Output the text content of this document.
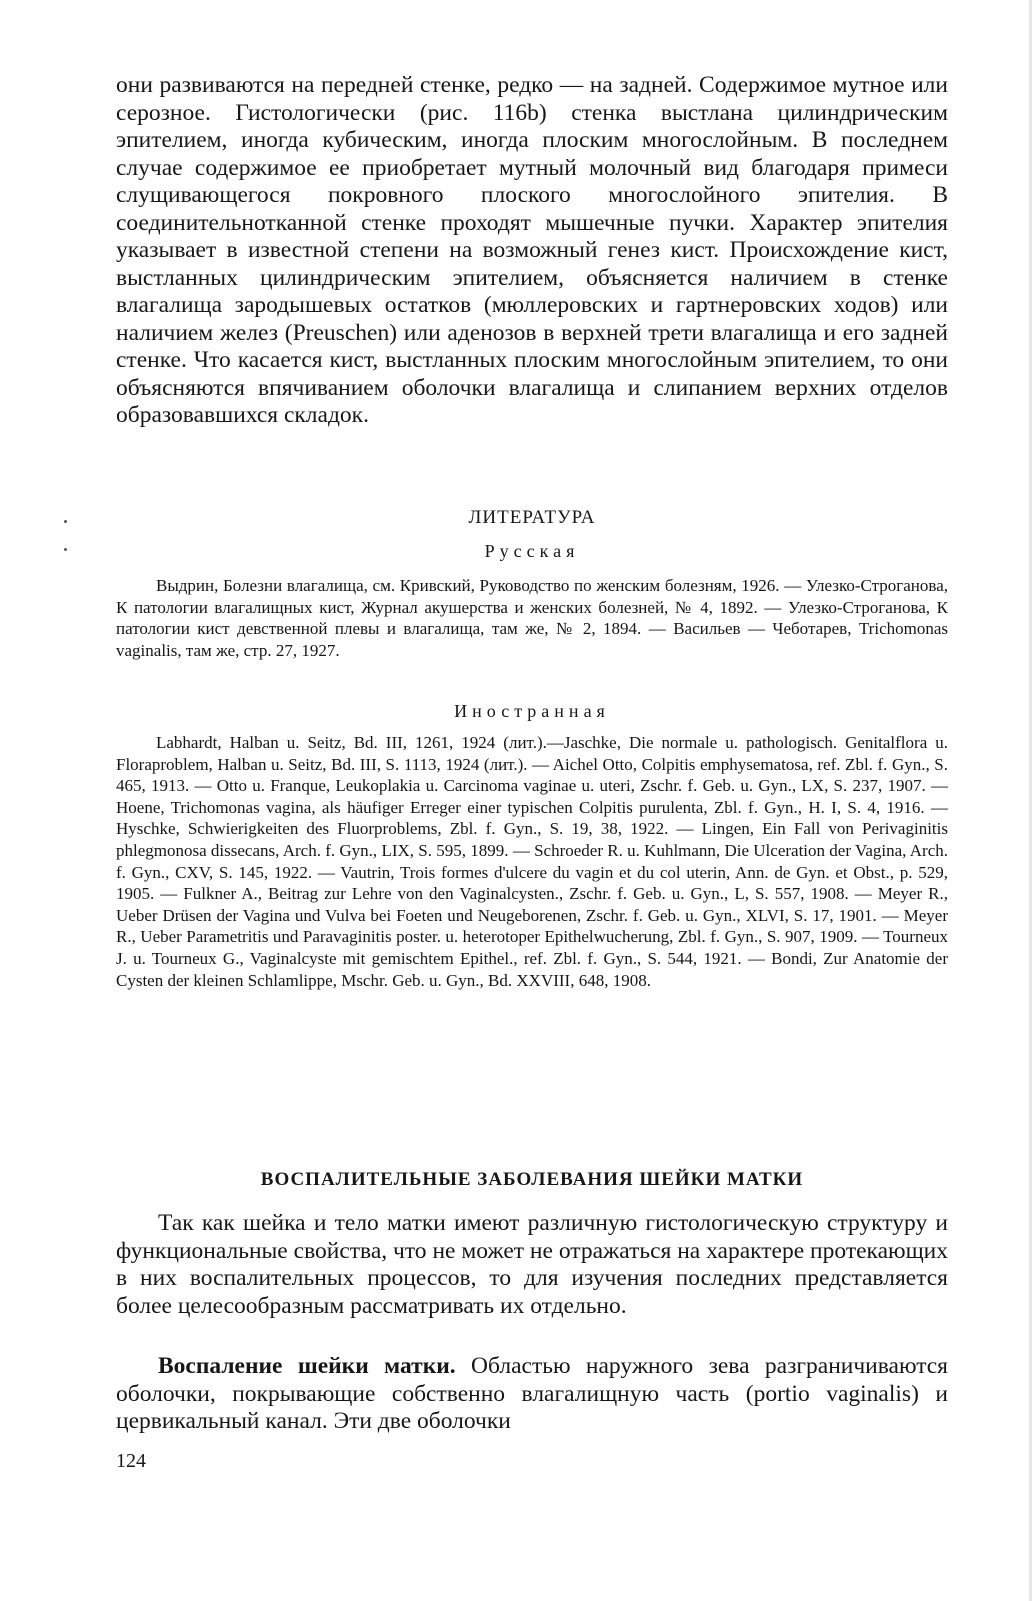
они развиваются на передней стенке, редко — на задней. Содержимое мутное или серозное. Гистологически (рис. 116b) стенка выстлана цилиндрическим эпителием, иногда кубическим, иногда плоским многослойным. В последнем случае содержимое ее приобретает мутный молочный вид благодаря примеси слущивающегося покровного плоского многослойного эпителия. В соединительнотканной стенке проходят мышечные пучки. Характер эпителия указывает в известной степени на возможный генез кист. Происхождение кист, выстланных цилиндрическим эпителием, объясняется наличием в стенке влагалища зародышевых остатков (мюллеровских и гартнеровских ходов) или наличием желез (Preuschen) или аденозов в верхней трети влагалища и его задней стенке. Что касается кист, выстланных плоским многослойным эпителием, то они объясняются впячиванием оболочки влагалища и слипанием верхних отделов образовавшихся складок.

ЛИТЕРАТУРА

Русская

Выдрин, Болезни влагалища, см. Кривский, Руководство по женским болезням, 1926. — Улезко-Строганова, К патологии влагалищных кист, Журнал акушерства и женских болезней, № 4, 1892. — Улезко-Строганова, К патологии кист девственной плевы и влагалища, там же, № 2, 1894. — Васильев — Чеботарев, Trichomonas vaginalis, там же, стр. 27, 1927.

Иностранная

Labhardt, Halban u. Seitz, Bd. III, 1261, 1924 (лит.).—Jaschke, Die normale u. pathologisch. Genitalflora u. Floraproblem, Halban u. Seitz, Bd. III, S. 1113, 1924 (лит.). — Aichel Otto, Colpitis emphysematosa, ref. Zbl. f. Gyn., S. 465, 1913. — Otto u. Franque, Leukoplakia u. Carcinoma vaginae u. uteri, Zschr. f. Geb. u. Gyn., LX, S. 237, 1907. — Hoene, Trichomonas vagina, als häufiger Erreger einer typischen Colpitis purulenta, Zbl. f. Gyn., H. I, S. 4, 1916. — Hyschke, Schwierigkeiten des Fluorproblems, Zbl. f. Gyn., S. 19, 38, 1922. — Lingen, Ein Fall von Perivaginitis phlegmonosa dissecans, Arch. f. Gyn., LIX, S. 595, 1899. — Schroeder R. u. Kuhlmann, Die Ulceration der Vagina, Arch. f. Gyn., CXV, S. 145, 1922. — Vautrin, Trois formes d'ulcere du vagin et du col uterin, Ann. de Gyn. et Obst., p. 529, 1905. — Fulkner A., Beitrag zur Lehre von den Vaginalcysten., Zschr. f. Geb. u. Gyn., L, S. 557, 1908. — Meyer R., Ueber Drüsen der Vagina und Vulva bei Foeten und Neugeborenen, Zschr. f. Geb. u. Gyn., XLVI, S. 17, 1901. — Meyer R., Ueber Parametritis und Paravaginitis poster. u. heterotoper Epithelwucherung, Zbl. f. Gyn., S. 907, 1909. — Tourneux J. u. Tourneux G., Vaginalcyste mit gemischtem Epithel., ref. Zbl. f. Gyn., S. 544, 1921. — Bondi, Zur Anatomie der Cysten der kleinen Schlamlippe, Mschr. Geb. u. Gyn., Bd. XXVIII, 648, 1908.

ВОСПАЛИТЕЛЬНЫЕ ЗАБОЛЕВАНИЯ ШЕЙКИ МАТКИ

Так как шейка и тело матки имеют различную гистологическую структуру и функциональные свойства, что не может не отражаться на характере протекающих в них воспалительных процессов, то для изучения последних представляется более целесообразным рассматривать их отдельно.

Воспаление шейки матки. Областью наружного зева разграничиваются оболочки, покрывающие собственно влагалищную часть (portio vaginalis) и цервикальный канал. Эти две оболочки

124
